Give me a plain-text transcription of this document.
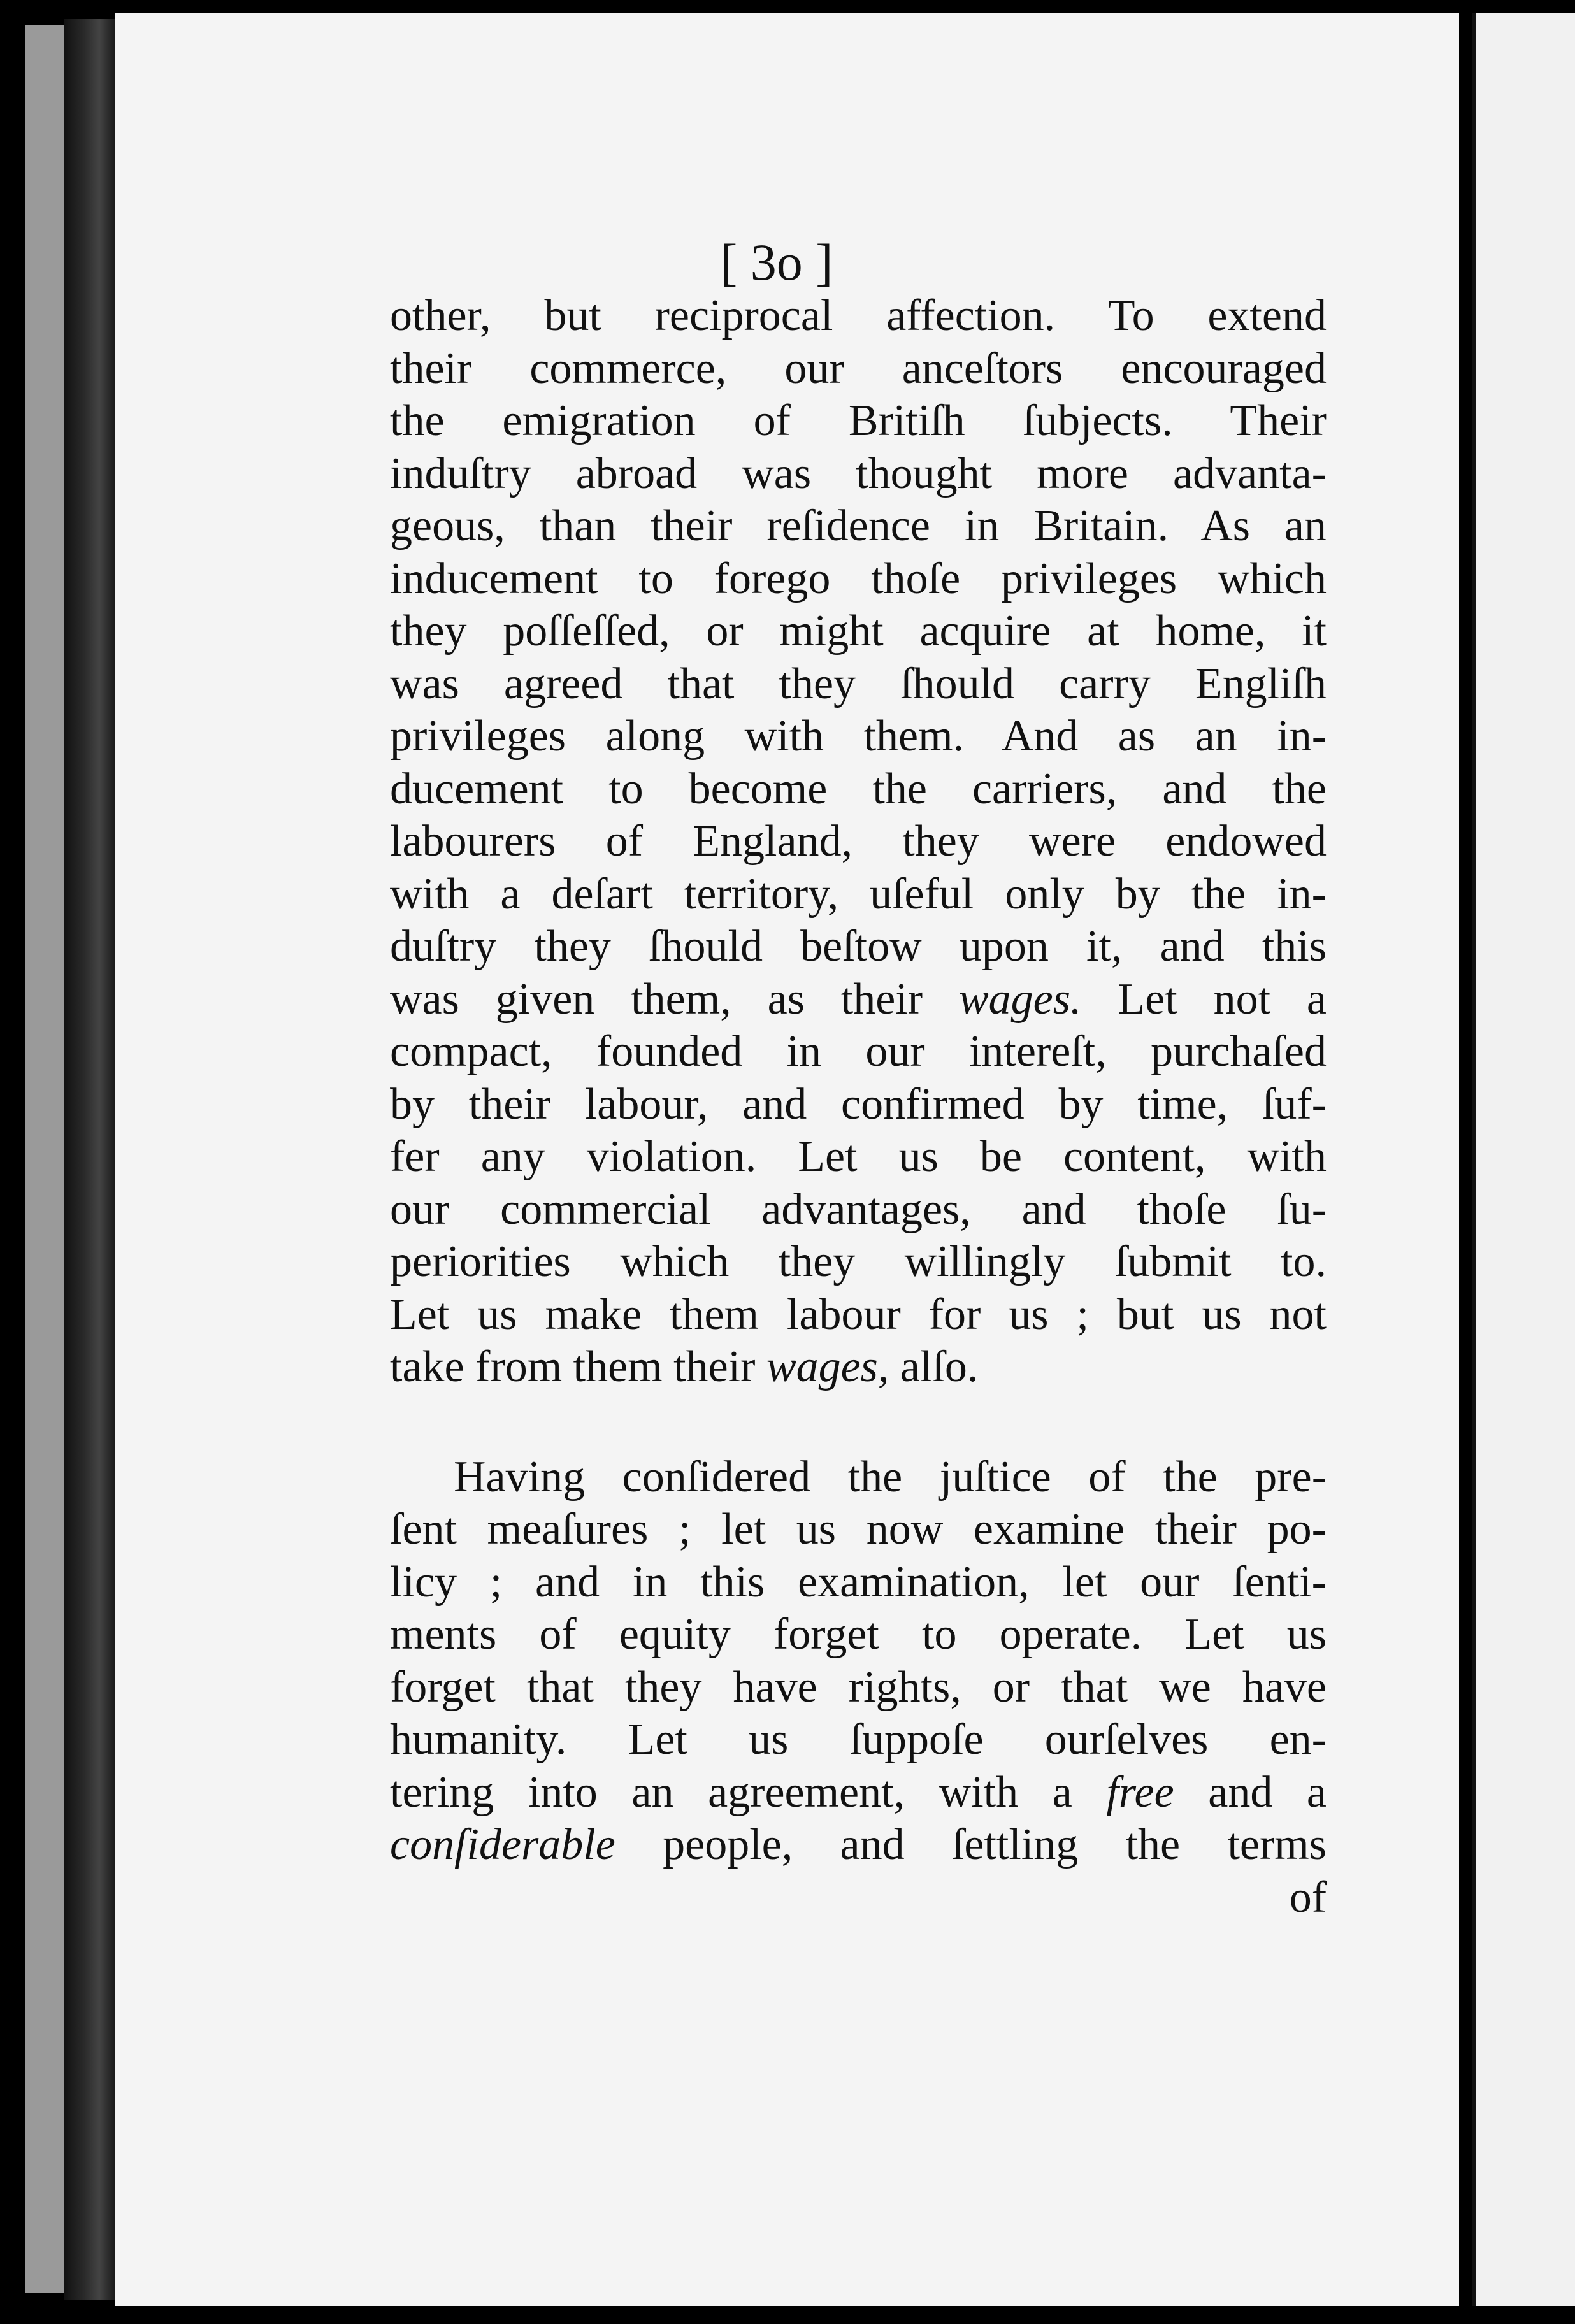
[ 3o ]
other, but reciprocal affection. To extend
their commerce, our anceſtors encouraged
the emigration of Britiſh ſubjects. Their
induſtry abroad was thought more advanta-
geous, than their reſidence in Britain. As an
inducement to forego thoſe privileges which
they poſſeſſed, or might acquire at home, it
was agreed that they ſhould carry Engliſh
privileges along with them. And as an in-
ducement to become the carriers, and the
labourers of England, they were endowed
with a deſart territory, uſeful only by the in-
duſtry they ſhould beſtow upon it, and this
was given them, as their wages. Let not a
compact, founded in our intereſt, purchaſed
by their labour, and confirmed by time, ſuf-
fer any violation. Let us be content, with
our commercial advantages, and thoſe ſu-
periorities which they willingly ſubmit to.
Let us make them labour for us ; but us not
take from them their wages, alſo.
Having conſidered the juſtice of the pre-
ſent meaſures ; let us now examine their po-
licy ; and in this examination, let our ſenti-
ments of equity forget to operate. Let us
forget that they have rights, or that we have
humanity. Let us ſuppoſe ourſelves en-
tering into an agreement, with a free and a
conſiderable people, and ſettling the terms
of
